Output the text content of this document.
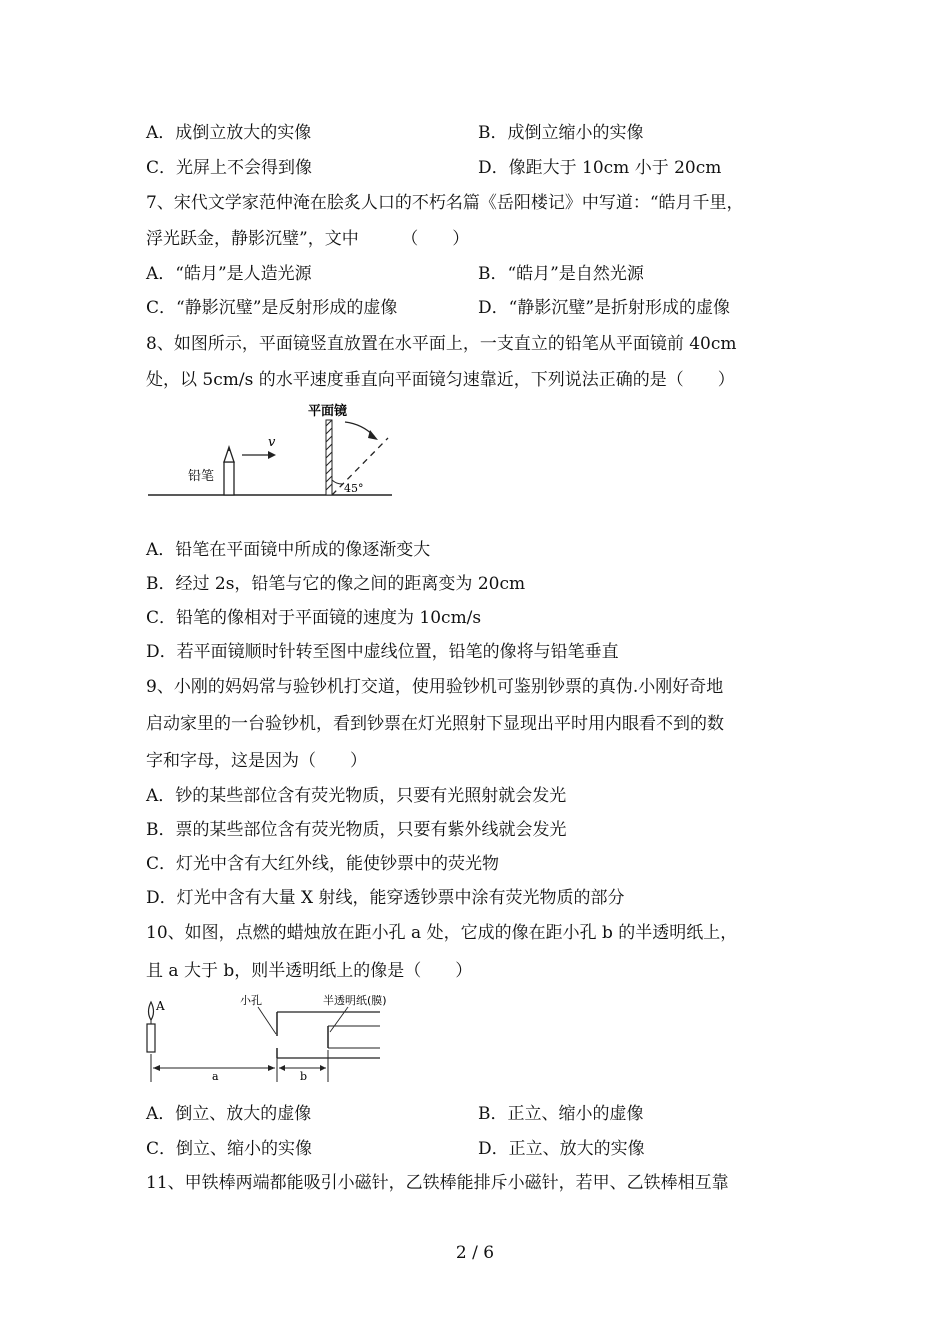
A．成倒立放大的实像	B．成倒立缩小的实像
C．光屏上不会得到像	D．像距大于 10cm 小于 20cm
7、宋代文学家范仲淹在脍炙人口的不朽名篇《岳阳楼记》中写道：“皓月千里，
浮光跃金，静影沉璧”，文中　　　（　　）
A．“皓月”是人造光源	B．“皓月”是自然光源
C．“静影沉璧”是反射形成的虚像	D．“静影沉璧”是折射形成的虚像
8、如图所示，平面镜竖直放置在水平面上，一支直立的铅笔从平面镜前 40cm
处，以 5cm/s 的水平速度垂直向平面镜匀速靠近，下列说法正确的是（　　）
铅笔
v
平面镜
45°
A．铅笔在平面镜中所成的像逐渐变大
B．经过 2s，铅笔与它的像之间的距离变为 20cm
C．铅笔的像相对于平面镜的速度为 10cm/s
D．若平面镜顺时针转至图中虚线位置，铅笔的像将与铅笔垂直
9、小刚的妈妈常与验钞机打交道，使用验钞机可鉴别钞票的真伪.小刚好奇地
启动家里的一台验钞机，看到钞票在灯光照射下显现出平时用内眼看不到的数
字和字母，这是因为（　　）
A．钞的某些部位含有荧光物质，只要有光照射就会发光
B．票的某些部位含有荧光物质，只要有紫外线就会发光
C．灯光中含有大红外线，能使钞票中的荧光物
D．灯光中含有大量 X 射线，能穿透钞票中涂有荧光物质的部分
10、如图，点燃的蜡烛放在距小孔 a 处，它成的像在距小孔 b 的半透明纸上，
且 a 大于 b，则半透明纸上的像是（　　）
A	小孔	半透明纸(膜)
a	b
A．倒立、放大的虚像	B．正立、缩小的虚像
C．倒立、缩小的实像	D．正立、放大的实像
11、甲铁棒两端都能吸引小磁针，乙铁棒能排斥小磁针，若甲、乙铁棒相互靠
2 / 6
